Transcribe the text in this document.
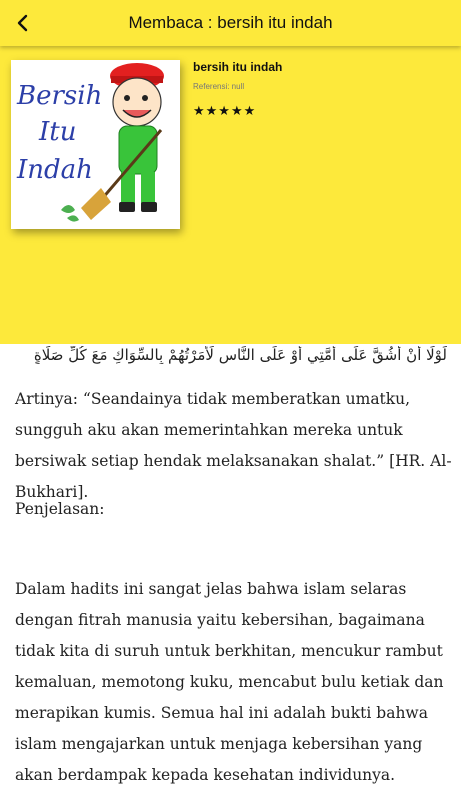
Membaca : bersih itu indah
Bersih
Itu
Indah
bersih itu indah
Referensi: null
★★★★★
لَوْلَا أَنْ أَشُقَّ عَلَى أُمَّتِي أَوْ عَلَى النَّاسِ لَأَمَرْتُهُمْ بِالسِّوَاكِ مَعَ كُلِّ صَلَاةٍ
Artinya: “Seandainya tidak memberatkan umatku, sungguh aku akan memerintahkan mereka untuk bersiwak setiap hendak melaksanakan shalat.” [HR. Al-Bukhari].
Penjelasan:
Dalam hadits ini sangat jelas bahwa islam selaras dengan fitrah manusia yaitu kebersihan, bagaimana tidak kita di suruh untuk berkhitan, mencukur rambut kemaluan, memotong kuku, mencabut bulu ketiak dan merapikan kumis. Semua hal ini adalah bukti bahwa islam mengajarkan untuk menjaga kebersihan yang akan berdampak kepada kesehatan individunya.
